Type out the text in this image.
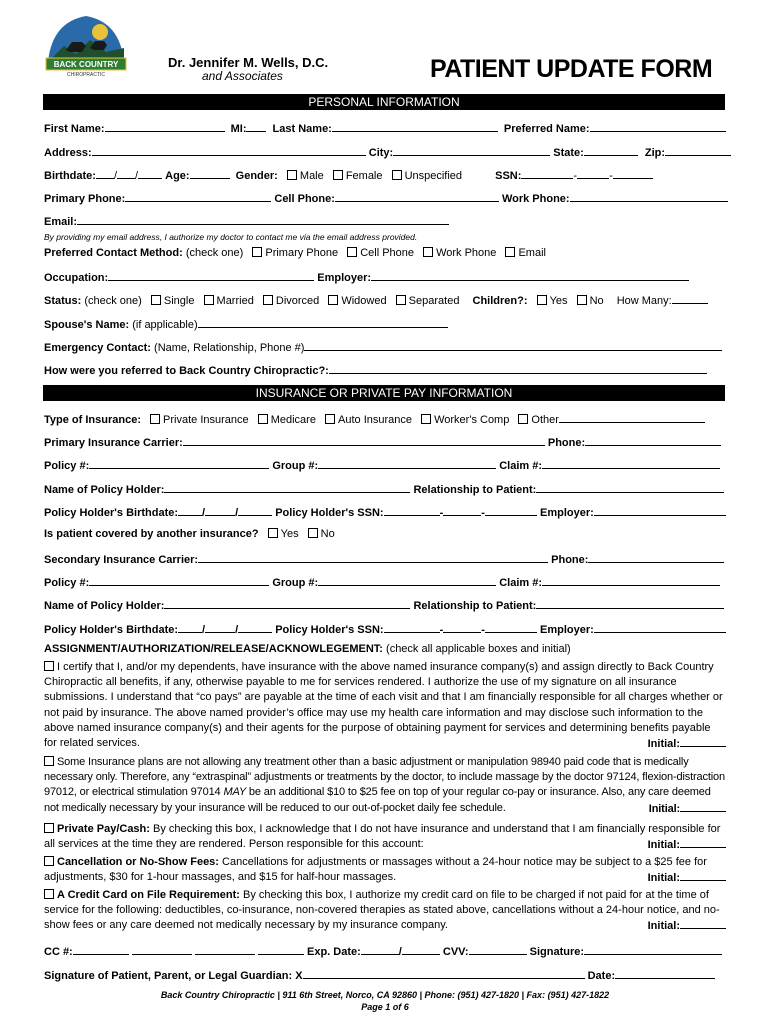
BACK COUNTRY
CHIROPRACTIC
Dr. Jennifer M. Wells, D.C.
and Associates	PATIENT UPDATE FORM
PERSONAL INFORMATION
First Name:	MI: Last Name:	Preferred Name:
Address:	City:	State:	Zip:
Birthdate: / / Age:	Gender: Male Female Unspecified	SSN:	-	-
Primary Phone:	Cell Phone:	Work Phone:
Email:
By providing my email address, I authorize my doctor to contact me via the email address provided.
Preferred Contact Method: (check one) Primary Phone Cell Phone Work Phone Email
Occupation:	Employer:
Status: (check one) Single Married Divorced Widowed Separated Children?: Yes No How Many:
Spouse's Name: (if applicable)
Emergency Contact: (Name, Relationship, Phone #)
How were you referred to Back Country Chiropractic?:
INSURANCE OR PRIVATE PAY INFORMATION
Type of Insurance: Private Insurance Medicare Auto Insurance Worker's Comp Other
Primary Insurance Carrier:	Phone:
Policy #:	Group #:	Claim #:
Name of Policy Holder:	Relationship to Patient:
Policy Holder's Birthdate: /	/	Policy Holder's SSN:	-	-	Employer:
Is patient covered by another insurance? Yes No
Secondary Insurance Carrier:	Phone:
Policy #:	Group #:	Claim #:
Name of Policy Holder:	Relationship to Patient:
Policy Holder's Birthdate: /	/	Policy Holder's SSN:	-	-	Employer:
ASSIGNMENT/AUTHORIZATION/RELEASE/ACKNOWLEGEMENT: (check all applicable boxes and initial)
I certify that I, and/or my dependents, have insurance with the above named insurance company(s) and assign directly to Back Country Chiropractic all benefits, if any, otherwise payable to me for services rendered. I authorize the use of my signature on all insurance submissions. I understand that “co pays” are payable at the time of each visit and that I am financially responsible for all charges whether or not paid by insurance. The above named provider’s office may use my health care information and may disclose such information to the above named insurance company(s) and their agents for the purpose of obtaining payment for services and determining benefits payable for related services.	Initial:
Some Insurance plans are not allowing any treatment other than a basic adjustment or manipulation 98940 paid code that is medically necessary only. Therefore, any “extraspinal” adjustments or treatments by the doctor, to include massage by the doctor 97124, flexion-distraction 97012, or electrical stimulation 97014 MAY be an additional $10 to $25 fee on top of your regular co-pay or insurance. Also, any care deemed not medically necessary by your insurance will be reduced to our out-of-pocket daily fee schedule.	Initial:
Private Pay/Cash: By checking this box, I acknowledge that I do not have insurance and understand that I am financially responsible for all services at the time they are rendered. Person responsible for this account:	Initial:
Cancellation or No-Show Fees: Cancellations for adjustments or massages without a 24-hour notice may be subject to a $25 fee for adjustments, $30 for 1-hour massages, and $15 for half-hour massages.	Initial:
A Credit Card on File Requirement: By checking this box, I authorize my credit card on file to be charged if not paid for at the time of service for the following: deductibles, co-insurance, non-covered therapies as stated above, cancellations without a 24-hour notice, and no-show fees or any care deemed not medically necessary by my insurance company.	Initial:
CC #:	Exp. Date:	/	CVV:	Signature:
Signature of Patient, Parent, or Legal Guardian: X	Date:
Back Country Chiropractic | 911 6th Street, Norco, CA 92860 | Phone: (951) 427-1820 | Fax: (951) 427-1822
Page 1 of 6
